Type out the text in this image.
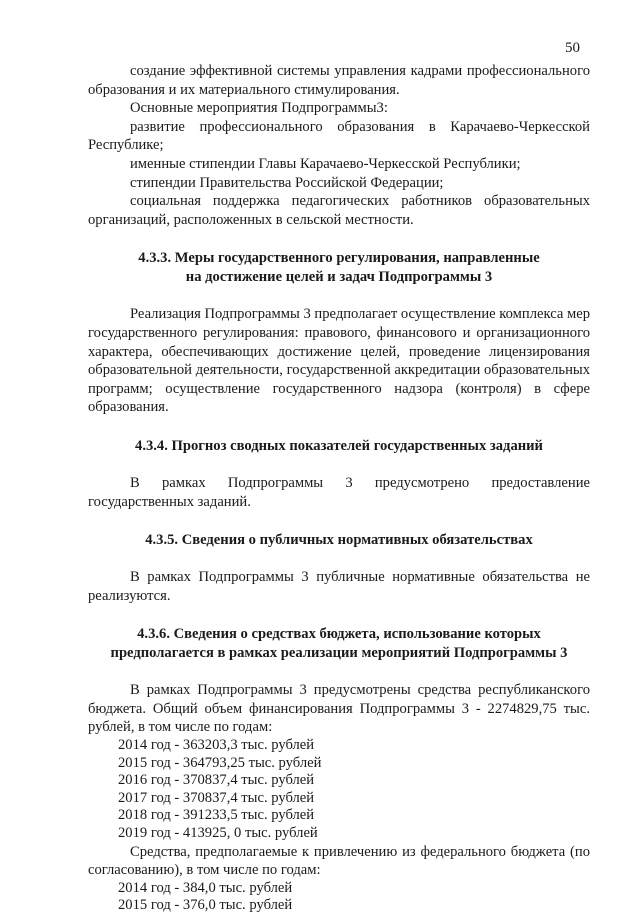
50

создание эффективной системы управления кадрами профессионального образования и их материального стимулирования.

Основные мероприятия Подпрограммы3:

развитие профессионального образования в Карачаево-Черкесской Республике;

именные стипендии Главы Карачаево-Черкесской Республики;

стипендии Правительства Российской Федерации;

социальная поддержка педагогических работников образовательных организаций, расположенных в сельской местности.

4.3.3. Меры государственного регулирования, направленные

на достижение целей и задач Подпрограммы 3

Реализация Подпрограммы 3 предполагает осуществление комплекса мер государственного регулирования: правового, финансового и организационного характера, обеспечивающих достижение целей, проведение лицензирования образовательной деятельности, государственной аккредитации образовательных программ; осуществление государственного надзора (контроля) в сфере образования.

4.3.4. Прогноз сводных показателей государственных заданий

В рамках Подпрограммы 3 предусмотрено предоставление государственных заданий.

4.3.5. Сведения о публичных нормативных обязательствах

В рамках Подпрограммы 3 публичные нормативные обязательства не реализуются.

4.3.6. Сведения о средствах бюджета, использование которых

предполагается в рамках реализации мероприятий Подпрограммы 3

В рамках Подпрограммы 3 предусмотрены средства республиканского бюджета. Общий объем финансирования Подпрограммы 3 - 2274829,75 тыс. рублей, в том числе по годам:

2014 год - 363203,3 тыс. рублей

2015 год - 364793,25 тыс. рублей

2016 год - 370837,4 тыс. рублей

2017 год - 370837,4 тыс. рублей

2018 год - 391233,5 тыс. рублей

2019 год - 413925, 0 тыс. рублей

Средства, предполагаемые к привлечению из федерального бюджета (по согласованию), в том числе по годам:

2014 год - 384,0 тыс. рублей

2015 год - 376,0 тыс. рублей
